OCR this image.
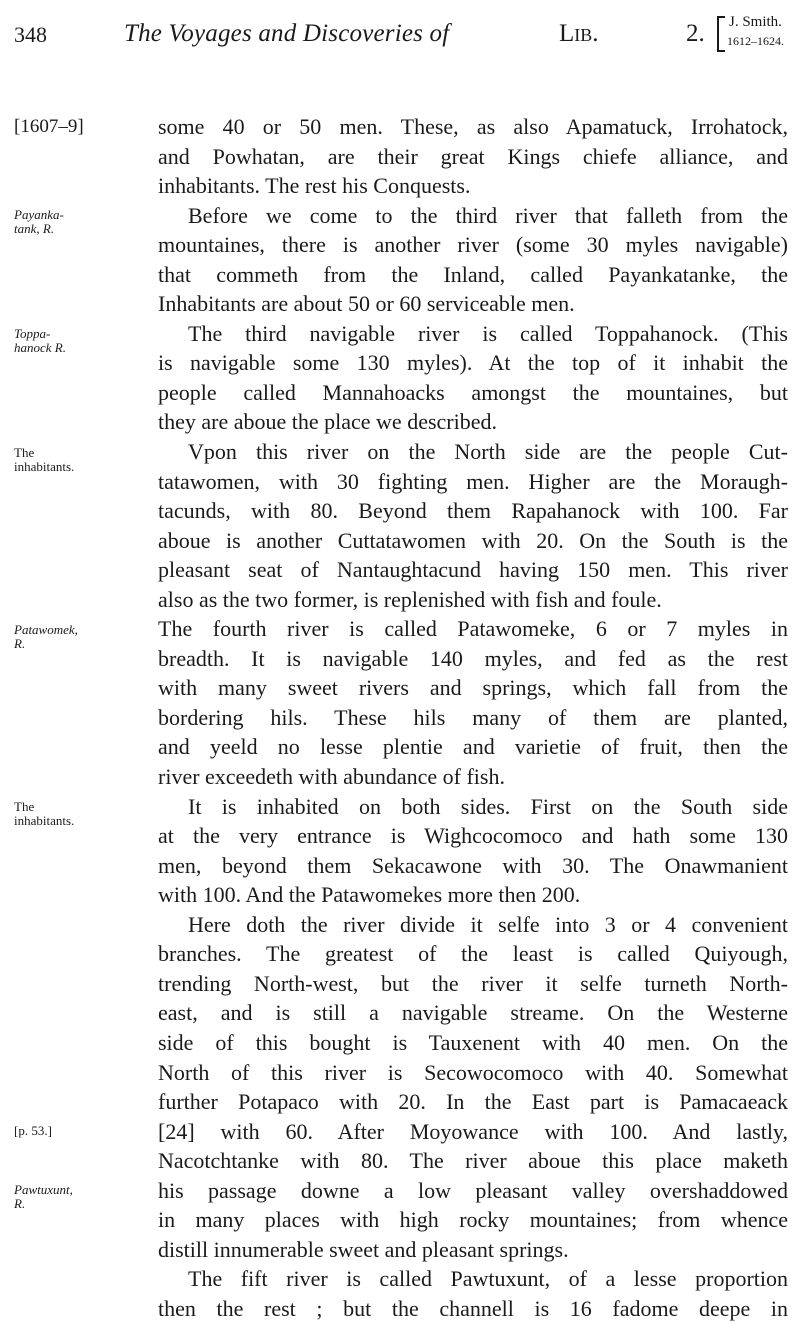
348	The Voyages and Discoveries of	Lib.	2. J. Smith.
1612–1624.
[1607–9]
Payanka-
tank, R.
Toppa-
hanock R.
The
inhabitants.
Patawomek,
R.
The
inhabitants.
[p. 53.]
Pawtuxunt,
R.
some 40 or 50 men. These, as also Apamatuck, Irrohatock,
and Powhatan, are their great Kings chiefe alliance, and
inhabitants. The rest his Conquests.
Before we come to the third river that falleth from the
mountaines, there is another river (some 30 myles navigable)
that commeth from the Inland, called Payankatanke, the
Inhabitants are about 50 or 60 serviceable men.
The third navigable river is called Toppahanock. (This
is navigable some 130 myles). At the top of it inhabit the
people called Mannahoacks amongst the mountaines, but
they are aboue the place we described.
Vpon this river on the North side are the people Cut-
tatawomen, with 30 fighting men. Higher are the Moraugh-
tacunds, with 80. Beyond them Rapahanock with 100. Far
aboue is another Cuttatawomen with 20. On the South is the
pleasant seat of Nantaughtacund having 150 men. This river
also as the two former, is replenished with fish and foule.
The fourth river is called Patawomeke, 6 or 7 myles in
breadth. It is navigable 140 myles, and fed as the rest
with many sweet rivers and springs, which fall from the
bordering hils. These hils many of them are planted,
and yeeld no lesse plentie and varietie of fruit, then the
river exceedeth with abundance of fish.
It is inhabited on both sides. First on the South side
at the very entrance is Wighcocomoco and hath some 130
men, beyond them Sekacawone with 30. The Onawmanient
with 100. And the Patawomekes more then 200.
Here doth the river divide it selfe into 3 or 4 convenient
branches. The greatest of the least is called Quiyough,
trending North-west, but the river it selfe turneth North-
east, and is still a navigable streame. On the Westerne
side of this bought is Tauxenent with 40 men. On the
North of this river is Secowocomoco with 40. Somewhat
further Potapaco with 20. In the East part is Pamacaeack
[24] with 60. After Moyowance with 100. And lastly,
Nacotchtanke with 80. The river aboue this place maketh
his passage downe a low pleasant valley overshaddowed
in many places with high rocky mountaines; from whence
distill innumerable sweet and pleasant springs.
The fift river is called Pawtuxunt, of a lesse proportion
then the rest ; but the channell is 16 fadome deepe in
